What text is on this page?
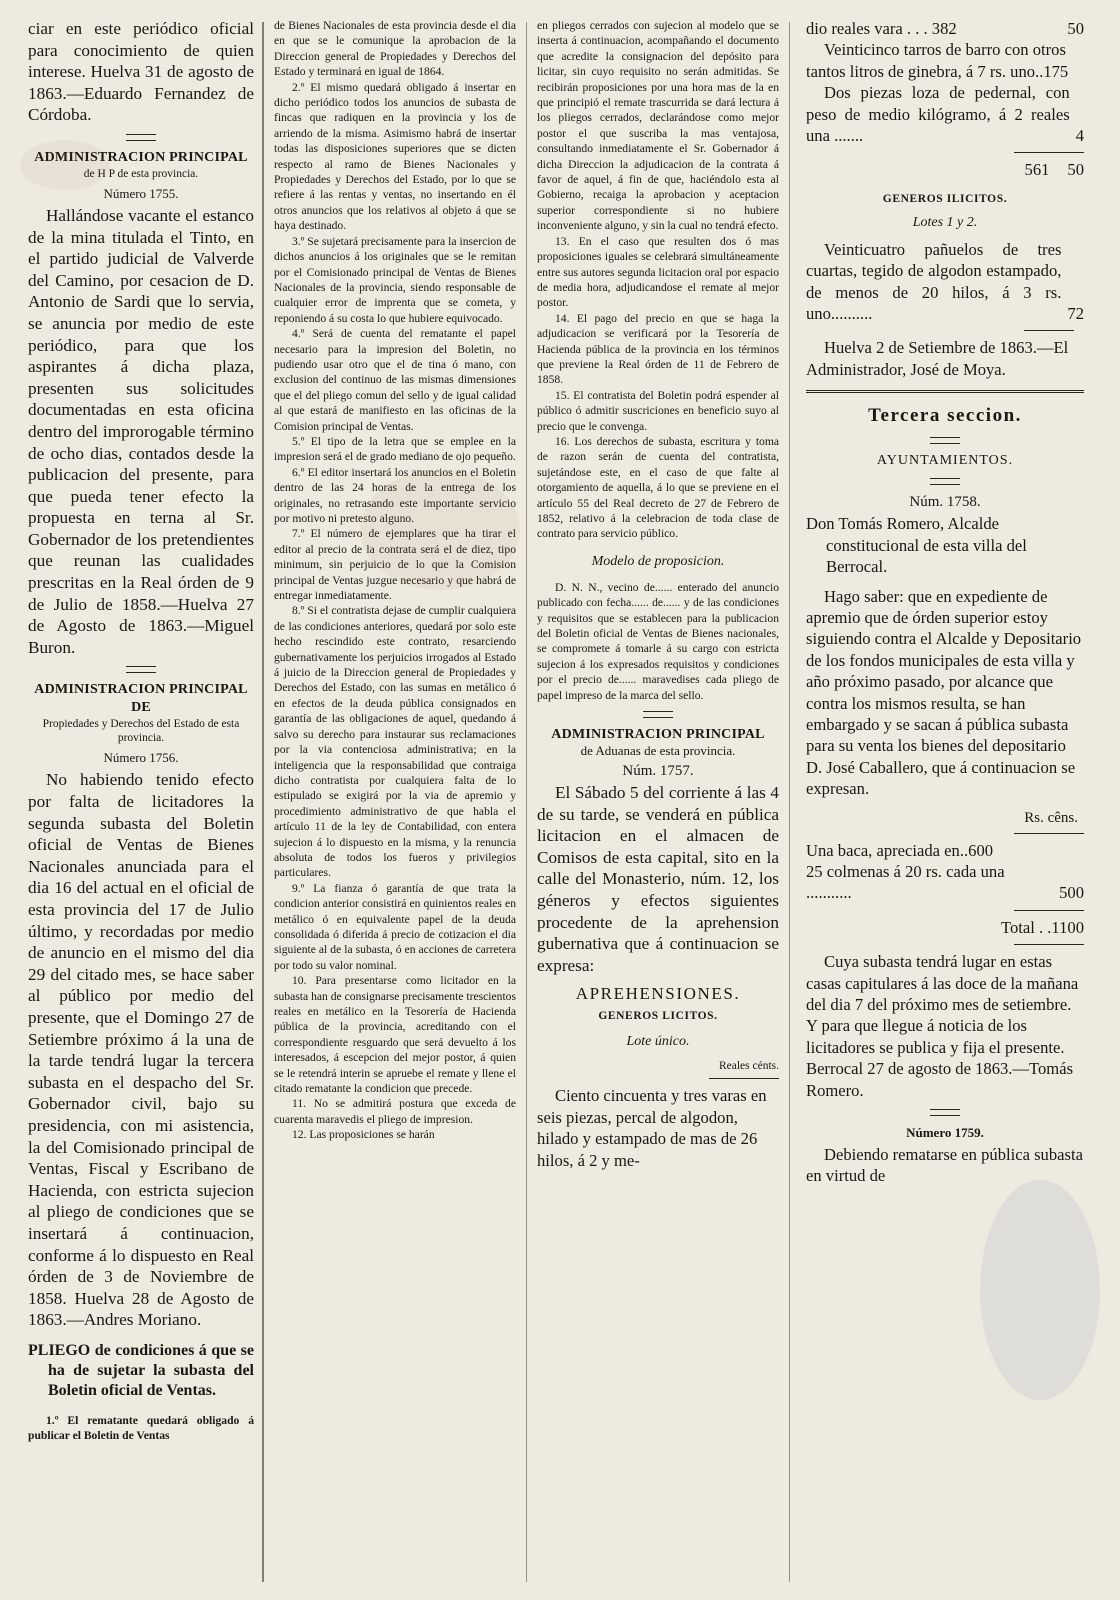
ciar en este periódico oficial para conocimiento de quien interese. Huelva 31 de agosto de 1863.—Eduardo Fernandez de Córdoba.

ADMINISTRACION PRINCIPAL
de H P de esta provincia.
Número 1755.

Hallándose vacante el estanco de la mina titulada el Tinto, en el partido judicial de Valverde del Camino, por cesacion de D. Antonio de Sardi que lo servia, se anuncia por medio de este periódico, para que los aspirantes á dicha plaza, presenten sus solicitudes documentadas en esta oficina dentro del improrogable término de ocho dias, contados desde la publicacion del presente, para que pueda tener efecto la propuesta en terna al Sr. Gobernador de los pretendientes que reunan las cualidades prescritas en la Real órden de 9 de Julio de 1858.—Huelva 27 de Agosto de 1863.—Miguel Buron.

ADMINISTRACION PRINCIPAL DE
Propiedades y Derechos del Estado de esta provincia.
Número 1756.

No habiendo tenido efecto por falta de licitadores la segunda subasta del Boletin oficial de Ventas de Bienes Nacionales anunciada para el dia 16 del actual en el oficial de esta provincia del 17 de Julio último, y recordadas por medio de anuncio en el mismo del dia 29 del citado mes, se hace saber al público por medio del presente, que el Domingo 27 de Setiembre próximo á la una de la tarde tendrá lugar la tercera subasta en el despacho del Sr. Gobernador civil, bajo su presidencia, con mi asistencia, la del Comisionado principal de Ventas, Fiscal y Escribano de Hacienda, con estricta sujecion al pliego de condiciones que se insertará á continuacion, conforme á lo dispuesto en Real órden de 3 de Noviembre de 1858. Huelva 28 de Agosto de 1863.—Andres Moriano.

PLIEGO de condiciones á que se ha de sujetar la subasta del Boletin oficial de Ventas.

1.º El rematante quedará obligado á publicar el Boletin de Ventas

de Bienes Nacionales de esta provincia desde el dia en que se le comunique la aprobacion de la Direccion general de Propiedades y Derechos del Estado y terminará en igual de 1864.

2.º El mismo quedará obligado á insertar en dicho periódico todos los anuncios de subasta de fincas que radiquen en la provincia y los de arriendo de la misma. Asimismo habrá de insertar todas las disposiciones superiores que se dicten respecto al ramo de Bienes Nacionales y Propiedades y Derechos del Estado, por lo que se refiere á las rentas y ventas, no insertando en él otros anuncios que los relativos al objeto á que se haya destinado.

3.º Se sujetará precisamente para la insercion de dichos anuncios á los originales que se le remitan por el Comisionado principal de Ventas de Bienes Nacionales de la provincia, siendo responsable de cualquier error de imprenta que se cometa, y reponiendo á su costa lo que hubiere equivocado.

4.º Será de cuenta del rematante el papel necesario para la impresion del Boletin, no pudiendo usar otro que el de tina ó mano, con exclusion del continuo de las mismas dimensiones que el del pliego comun del sello y de igual calidad al que estará de manifiesto en las oficinas de la Comision principal de Ventas.

5.º El tipo de la letra que se emplee en la impresion será el de grado mediano de ojo pequeño.

6.º El editor insertará los anuncios en el Boletin dentro de las 24 horas de la entrega de los originales, no retrasando este importante servicio por motivo ni pretesto alguno.

7.º El número de ejemplares que ha tirar el editor al precio de la contrata será el de diez, tipo minimum, sin perjuicio de lo que la Comision principal de Ventas juzgue necesario y que habrá de entregar inmediatamente.

8.º Si el contratista dejase de cumplir cualquiera de las condiciones anteriores, quedará por solo este hecho rescindido este contrato, resarciendo gubernativamente los perjuicios irrogados al Estado á juicio de la Direccion general de Propiedades y Derechos del Estado, con las sumas en metálico ó en efectos de la deuda pública consignados en garantía de las obligaciones de aquel, quedando á salvo su derecho para instaurar sus reclamaciones por la via contenciosa administrativa; en la inteligencia que la responsabilidad que contraiga dicho contratista por cualquiera falta de lo estipulado se exigirá por la via de apremio y procedimiento administrativo de que habla el artículo 11 de la ley de Contabilidad, con entera sujecion á lo dispuesto en la misma, y la renuncia absoluta de todos los fueros y privilegios particulares.

9.º La fianza ó garantía de que trata la condicion anterior consistirá en quinientos reales en metálico ó en equivalente papel de la deuda consolidada ó diferida á precio de cotizacion el dia siguiente al de la subasta, ó en acciones de carretera por todo su valor nominal.

10. Para presentarse como licitador en la subasta han de consignarse precisamente trescientos reales en metálico en la Tesorería de Hacienda pública de la provincia, acreditando con el correspondiente resguardo que será devuelto á los interesados, á escepcion del mejor postor, á quien se le retendrá interin se apruebe el remate y llene el citado rematante la condicion que precede.

11. No se admitirá postura que exceda de cuarenta maravedis el pliego de impresion.

12. Las proposiciones se harán

en pliegos cerrados con sujecion al modelo que se inserta á continuacion, acompañando el documento que acredite la consignacion del depósito para licitar, sin cuyo requisito no serán admitidas. Se recibirán proposiciones por una hora mas de la en que principió el remate trascurrida se dará lectura á los pliegos cerrados, declarándose como mejor postor el que suscriba la mas ventajosa, consultando inmediatamente el Sr. Gobernador á dicha Direccion la adjudicacion de la contrata á favor de aquel, á fin de que, haciéndolo esta al Gobierno, recaiga la aprobacion y aceptacion superior correspondiente si no hubiere inconveniente alguno, y sin la cual no tendrá efecto.

13. En el caso que resulten dos ó mas proposiciones iguales se celebrará simultáneamente entre sus autores segunda licitacion oral por espacio de media hora, adjudicandose el remate al mejor postor.

14. El pago del precio en que se haga la adjudicacion se verificará por la Tesorería de Hacienda pública de la provincia en los términos que previene la Real órden de 11 de Febrero de 1858.

15. El contratista del Boletin podrá espender al público ó admitir suscriciones en beneficio suyo al precio que le convenga.

16. Los derechos de subasta, escritura y toma de razon serán de cuenta del contratista, sujetándose este, en el caso de que falte al otorgamiento de aquella, á lo que se previene en el artículo 55 del Real decreto de 27 de Febrero de 1852, relativo á la celebracion de toda clase de contrato para servicio público.

Modelo de proposicion.

D. N. N., vecino de...... enterado del anuncio publicado con fecha...... de...... y de las condiciones y requisitos que se establecen para la publicacion del Boletin oficial de Ventas de Bienes nacionales, se compromete á tomarle á su cargo con estricta sujecion á los expresados requisitos y condiciones por el precio de...... maravedises cada pliego de papel impreso de la marca del sello.

ADMINISTRACION PRINCIPAL
de Aduanas de esta provincia.
Núm. 1757.

El Sábado 5 del corriente á las 4 de su tarde, se venderá en pública licitacion en el almacen de Comisos de esta capital, sito en la calle del Monasterio, núm. 12, los géneros y efectos siguientes procedente de la aprehension gubernativa que á continuacion se expresa:

APREHENSIONES.
GENEROS LICITOS.
Lote único.
Reales cénts.

Ciento cincuenta y tres varas en seis piezas, percal de algodon, hilado y estampado de mas de 26 hilos, á 2 y me-

dio reales vara . . . 382	50

Veinticinco tarros de barro con otros tantos litros de ginebra, á 7 rs. uno..175

Dos piezas loza de pedernal, con peso de medio kilógramo, á 2 reales una .......	4
561 50
GENEROS ILICITOS.
Lotes 1 y 2.
Veinticuatro pañuelos de tres cuartas, tegido de algodon estampado, de menos de 20 hilos, á 3 rs. uno..........	72

Huelva 2 de Setiembre de 1863.—El Administrador, José de Moya.

Tercera seccion.
AYUNTAMIENTOS.
Núm. 1758.

Don Tomás Romero, Alcalde constitucional de esta villa del Berrocal.

Hago saber: que en expediente de apremio que de órden superior estoy siguiendo contra el Alcalde y Depositario de los fondos municipales de esta villa y año próximo pasado, por alcance que contra los mismos resulta, se han embargado y se sacan á pública subasta para su venta los bienes del depositario D. José Caballero, que á continuacion se expresan.

Rs. cêns.

Una baca, apreciada en..600

25 colmenas á 20 rs. cada una ...........	500
Total . .1100

Cuya subasta tendrá lugar en estas casas capitulares á las doce de la mañana del dia 7 del próximo mes de setiembre. Y para que llegue á noticia de los licitadores se publica y fija el presente. Berrocal 27 de agosto de 1863.—Tomás Romero.

Número 1759.

Debiendo rematarse en pública subasta en virtud de
